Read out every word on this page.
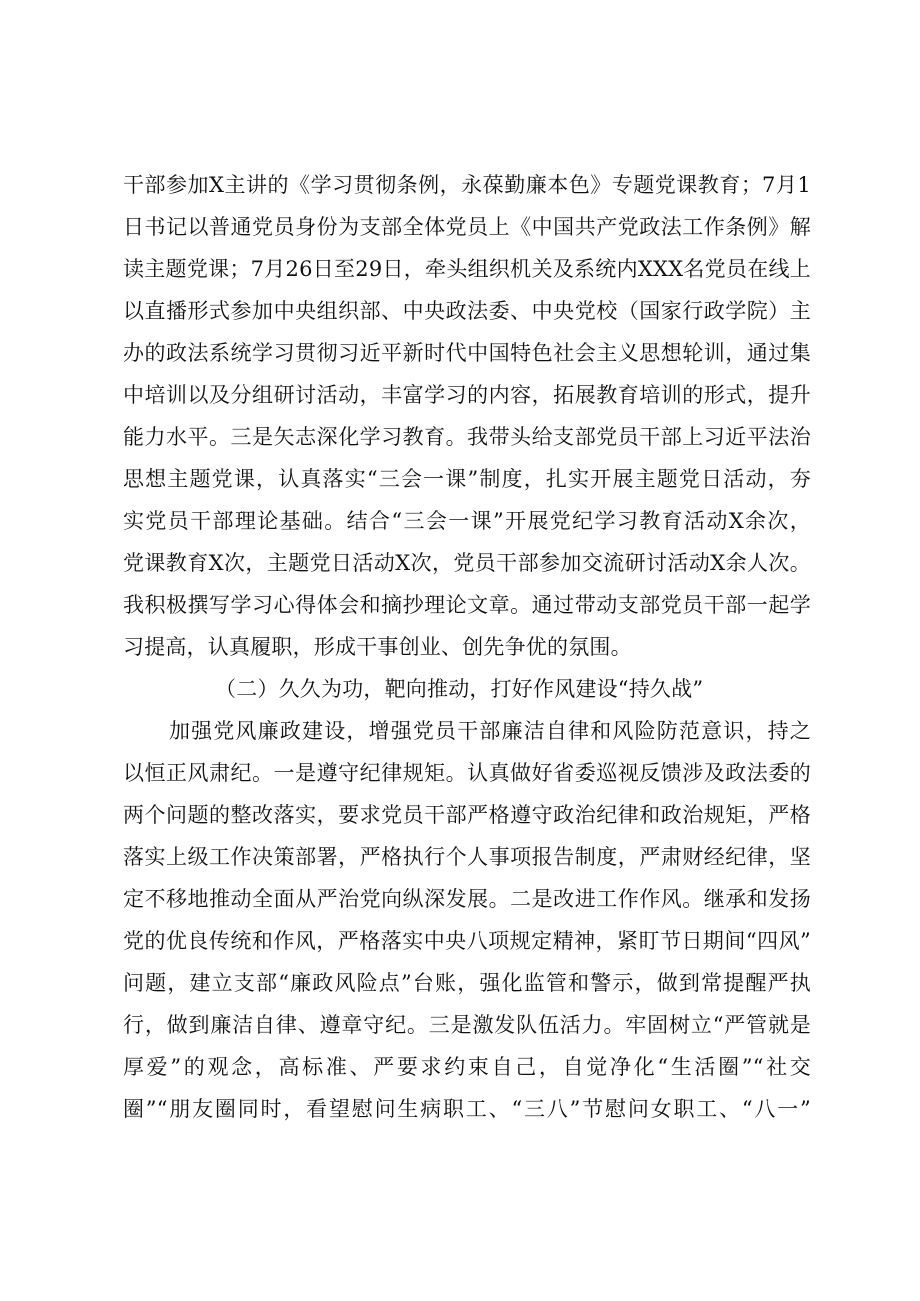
干部参加X主讲的《学习贯彻条例，永葆勤廉本色》专题党课教育；7月1
日书记以普通党员身份为支部全体党员上《中国共产党政法工作条例》解
读主题党课；7月26日至29日，牵头组织机关及系统内XXX名党员在线上
以直播形式参加中央组织部、中央政法委、中央党校（国家行政学院）主
办的政法系统学习贯彻习近平新时代中国特色社会主义思想轮训，通过集
中培训以及分组研讨活动，丰富学习的内容，拓展教育培训的形式，提升
能力水平。三是矢志深化学习教育。我带头给支部党员干部上习近平法治
思想主题党课，认真落实“三会一课”制度，扎实开展主题党日活动，夯
实党员干部理论基础。结合“三会一课”开展党纪学习教育活动X余次，
党课教育X次，主题党日活动X次，党员干部参加交流研讨活动X余人次。
我积极撰写学习心得体会和摘抄理论文章。通过带动支部党员干部一起学
习提高，认真履职，形成干事创业、创先争优的氛围。
（二）久久为功，靶向推动，打好作风建设“持久战”
加强党风廉政建设，增强党员干部廉洁自律和风险防范意识，持之
以恒正风肃纪。一是遵守纪律规矩。认真做好省委巡视反馈涉及政法委的
两个问题的整改落实，要求党员干部严格遵守政治纪律和政治规矩，严格
落实上级工作决策部署，严格执行个人事项报告制度，严肃财经纪律，坚
定不移地推动全面从严治党向纵深发展。二是改进工作作风。继承和发扬
党的优良传统和作风，严格落实中央八项规定精神，紧盯节日期间“四风”
问题，建立支部“廉政风险点”台账，强化监管和警示，做到常提醒严执
行，做到廉洁自律、遵章守纪。三是激发队伍活力。牢固树立“严管就是
厚爱”的观念，高标准、严要求约束自己，自觉净化“生活圈”“社交
圈”“朋友圈同时，看望慰问生病职工、“三八”节慰问女职工、“八一”
